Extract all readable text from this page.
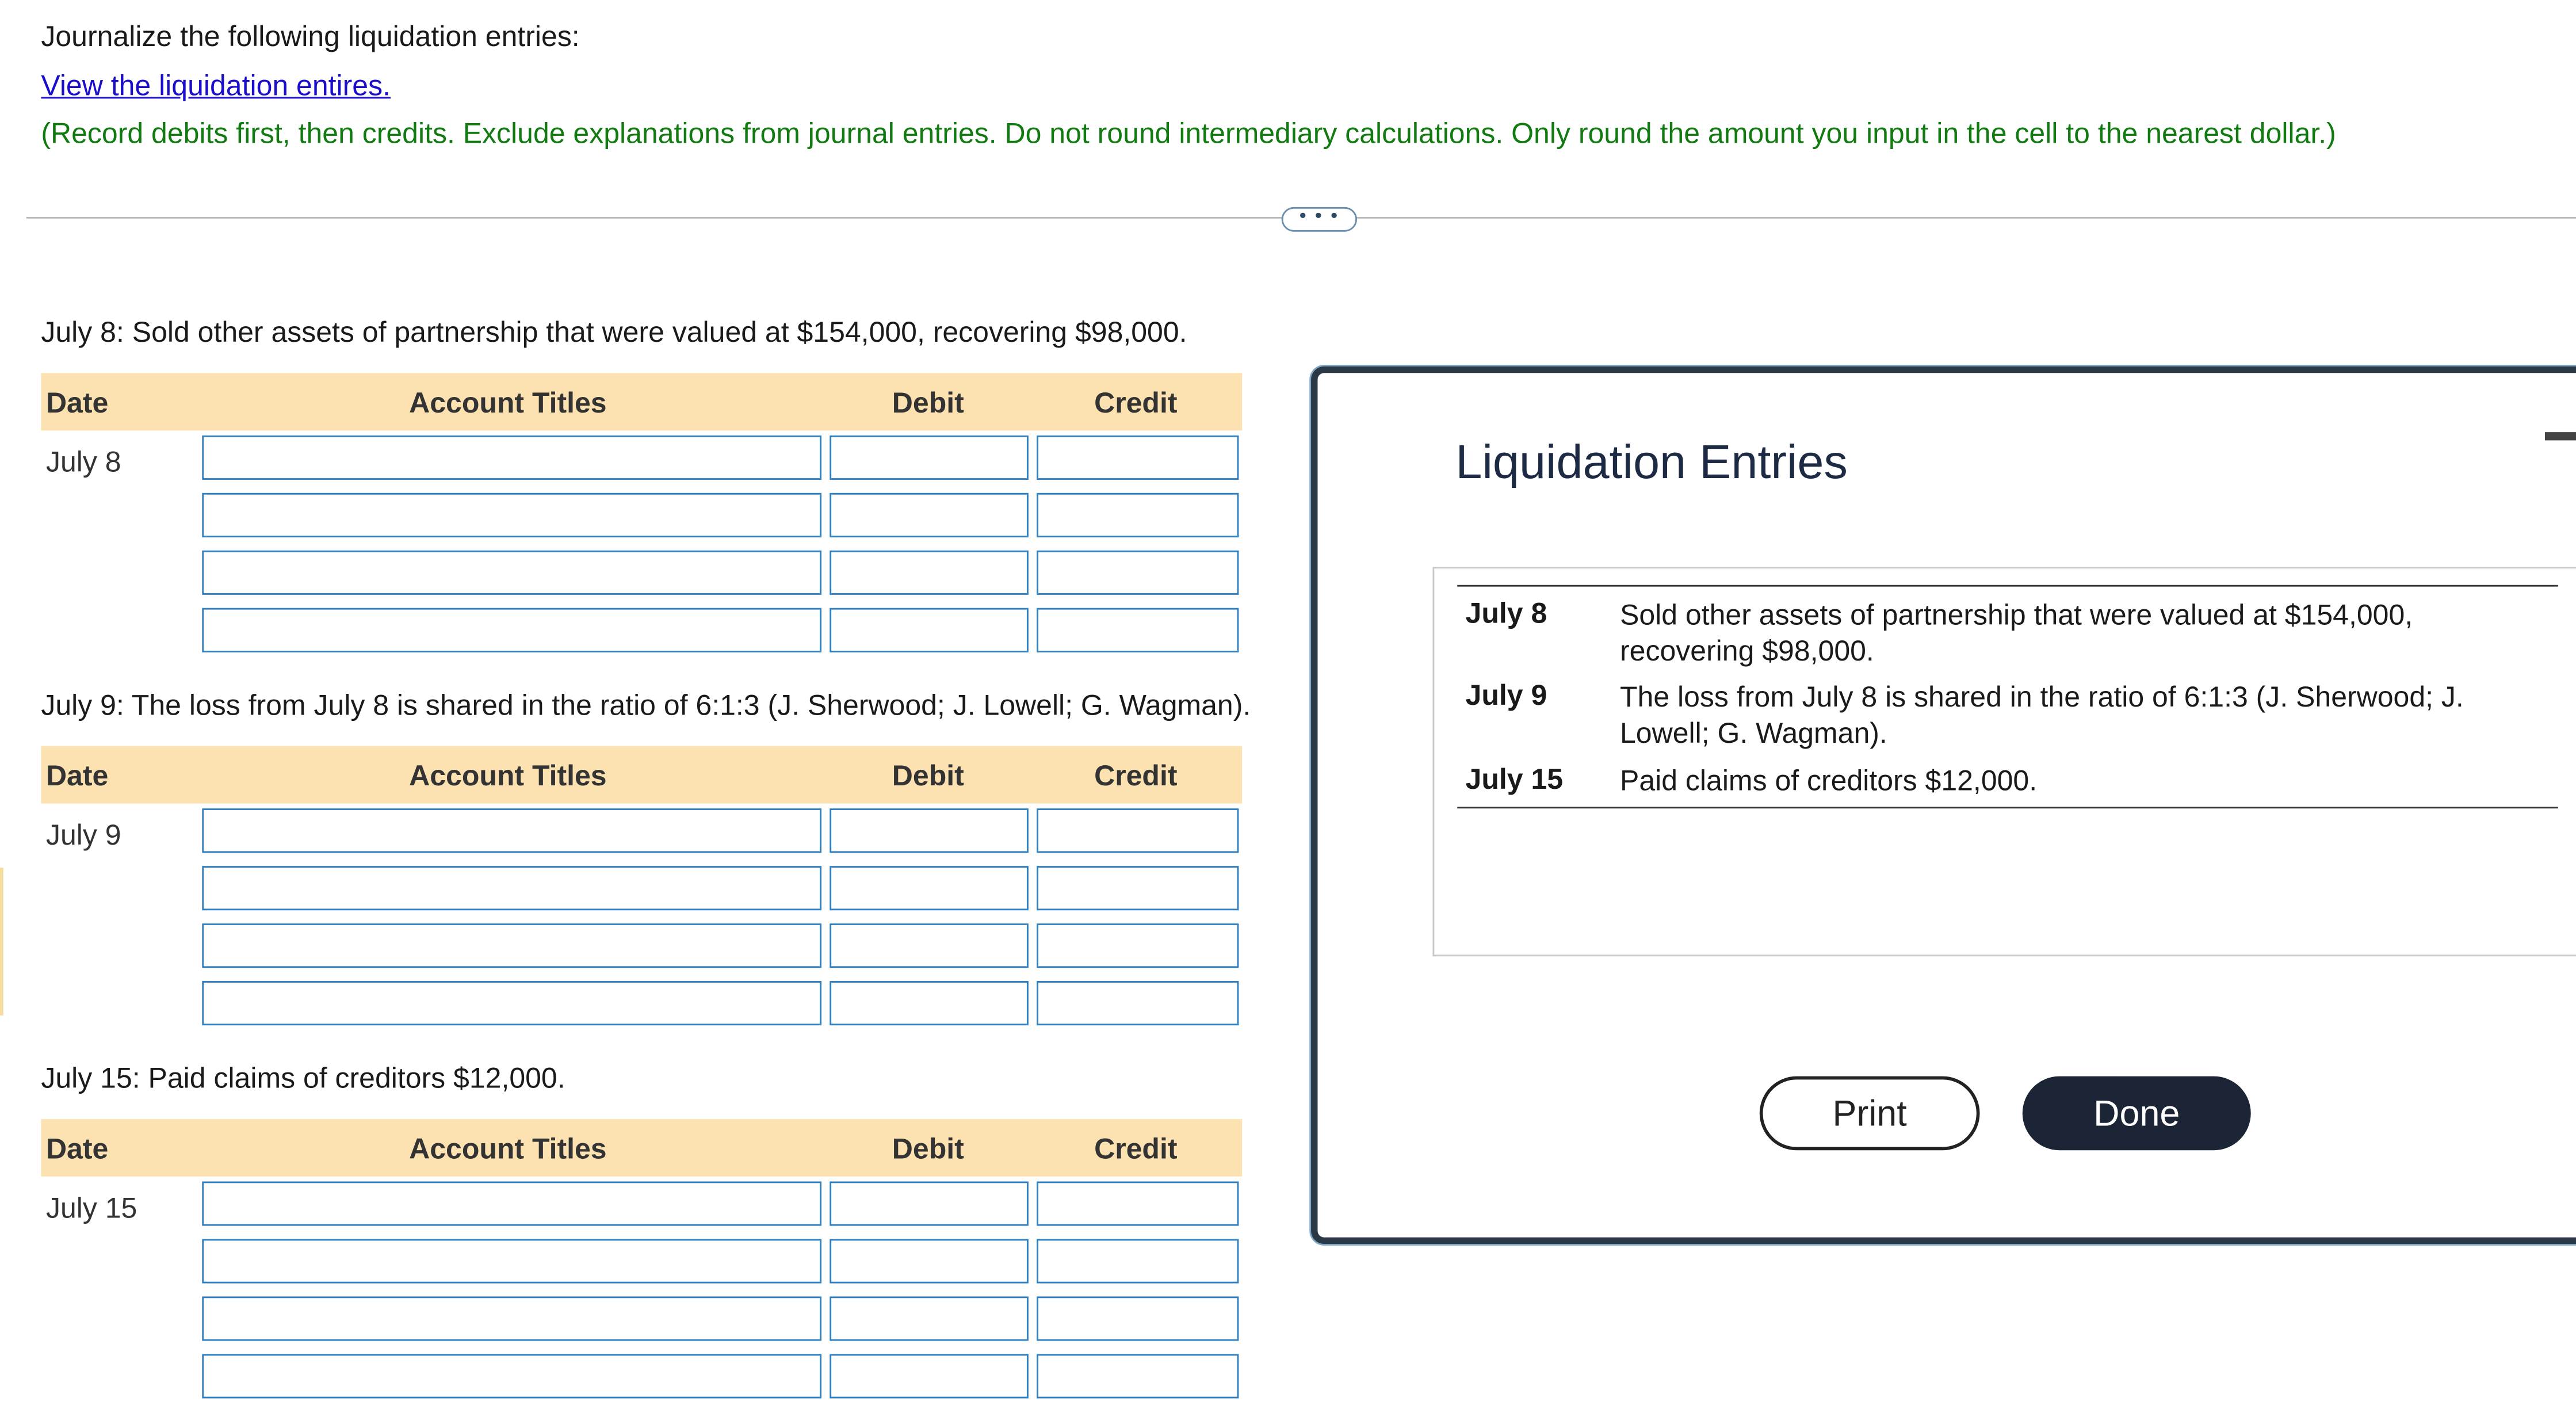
Journalize the following liquidation entries:
View the liquidation entires.
(Record debits first, then credits. Exclude explanations from journal entries. Do not round intermediary calculations. Only round the amount you input in the cell to the nearest dollar.)
• • •
July 8: Sold other assets of partnership that were valued at $154,000, recovering $98,000.
Date	Account Titles	Debit	Credit
July 8
July 9: The loss from July 8 is shared in the ratio of 6:1:3 (J. Sherwood; J. Lowell; G. Wagman).
Date	Account Titles	Debit	Credit
July 9
July 15: Paid claims of creditors $12,000.
Date	Account Titles	Debit	Credit
July 15
Liquidation Entries
July 8	Sold other assets of partnership that were valued at $154,000, recovering $98,000.
July 9	The loss from July 8 is shared in the ratio of 6:1:3 (J. Sherwood; J. Lowell; G. Wagman).
July 15	Paid claims of creditors $12,000.
Print	Done
